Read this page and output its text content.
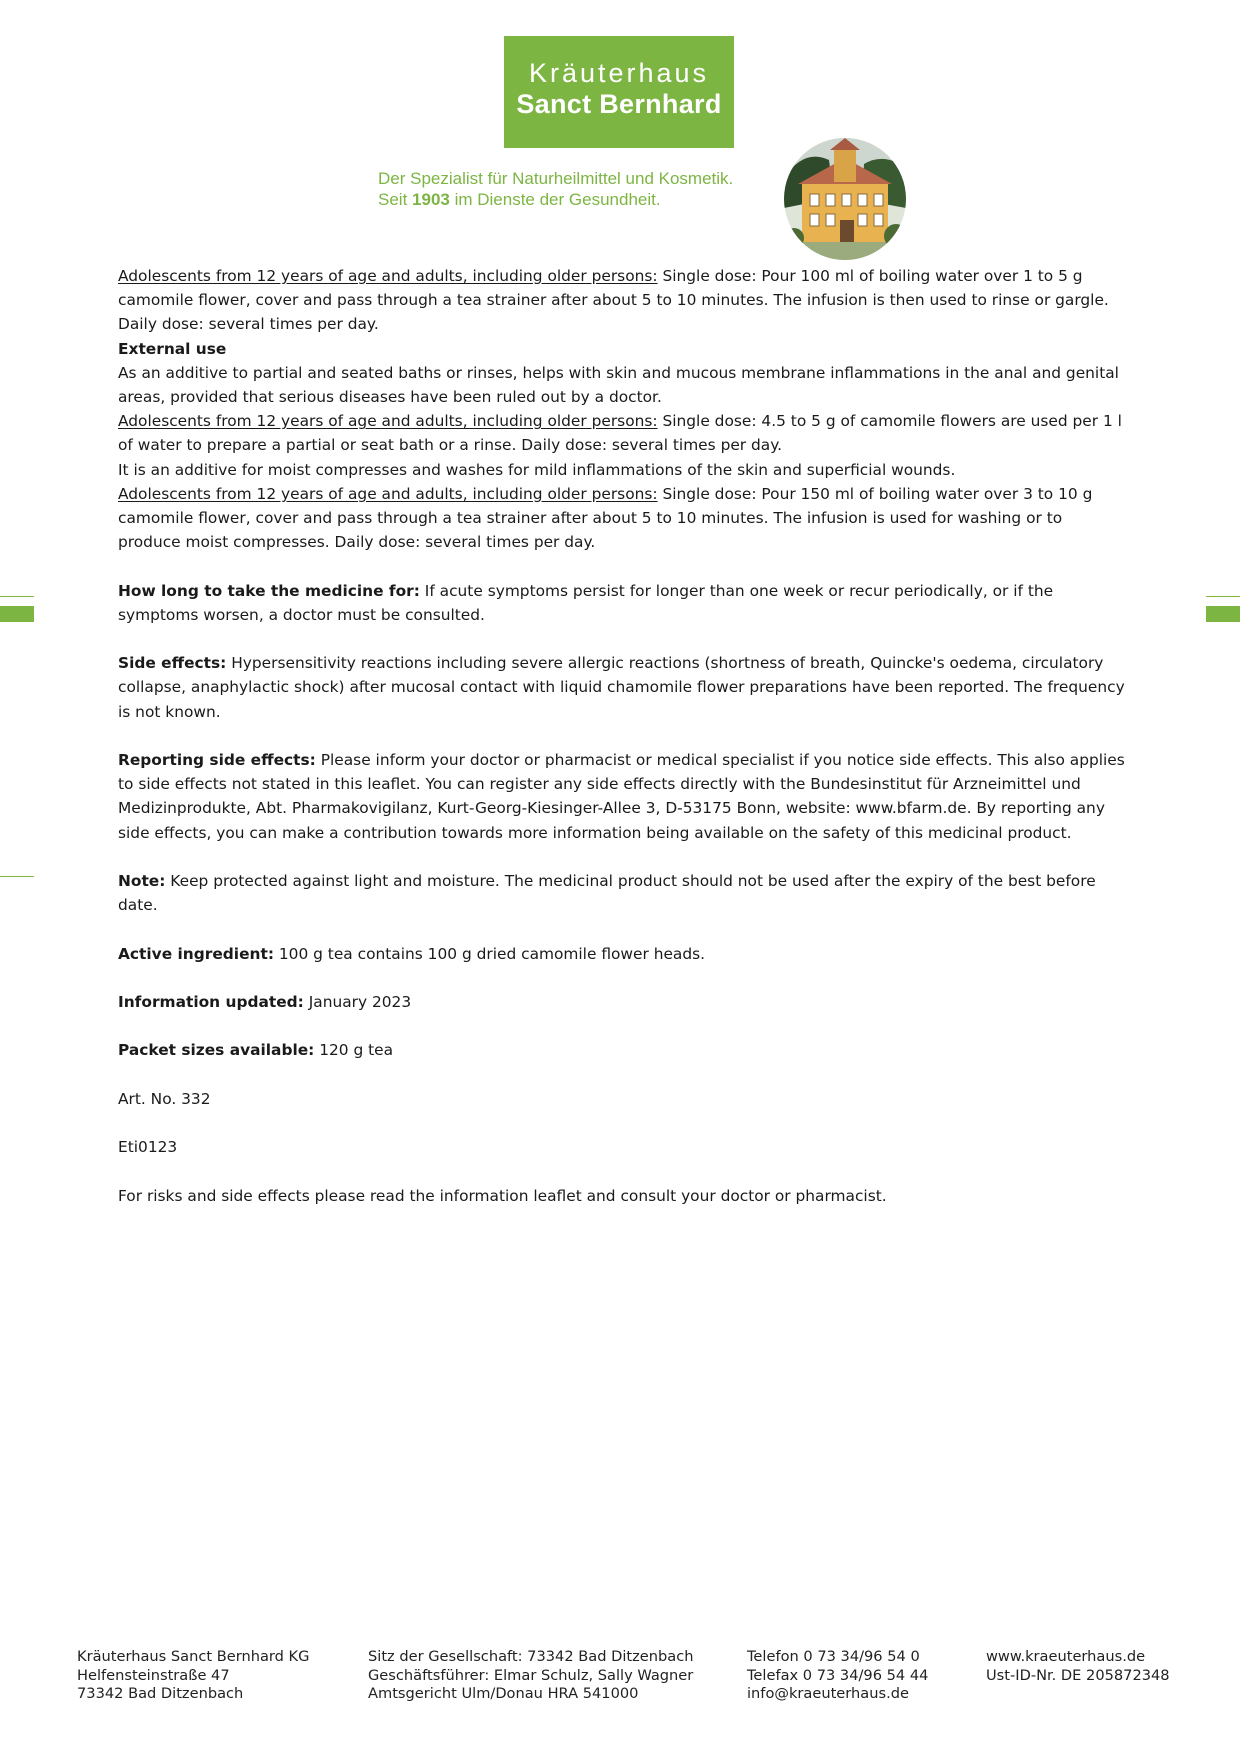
Kräuterhaus
Sanct Bernhard
Der Spezialist für Naturheilmittel und Kosmetik.
Seit 1903 im Dienste der Gesundheit.

Adolescents from 12 years of age and adults, including older persons: Single dose: Pour 100 ml of boiling water over 1 to 5 g camomile flower, cover and pass through a tea strainer after about 5 to 10 minutes. The infusion is then used to rinse or gargle. Daily dose: several times per day.

External use

As an additive to partial and seated baths or rinses, helps with skin and mucous membrane inflammations in the anal and genital areas, provided that serious diseases have been ruled out by a doctor.

Adolescents from 12 years of age and adults, including older persons: Single dose: 4.5 to 5 g of camomile flowers are used per 1 l of water to prepare a partial or seat bath or a rinse. Daily dose: several times per day.

It is an additive for moist compresses and washes for mild inflammations of the skin and superficial wounds.

Adolescents from 12 years of age and adults, including older persons: Single dose: Pour 150 ml of boiling water over 3 to 10 g camomile flower, cover and pass through a tea strainer after about 5 to 10 minutes. The infusion is used for washing or to produce moist compresses. Daily dose: several times per day.

How long to take the medicine for: If acute symptoms persist for longer than one week or recur periodically, or if the symptoms worsen, a doctor must be consulted.

Side effects: Hypersensitivity reactions including severe allergic reactions (shortness of breath, Quincke's oedema, circulatory collapse, anaphylactic shock) after mucosal contact with liquid chamomile flower preparations have been reported. The frequency is not known.

Reporting side effects: Please inform your doctor or pharmacist or medical specialist if you notice side effects. This also applies to side effects not stated in this leaflet. You can register any side effects directly with the Bundesinstitut für Arzneimittel und Medizinprodukte, Abt. Pharmakovigilanz, Kurt-Georg-Kiesinger-Allee 3, D-53175 Bonn, website: www.bfarm.de. By reporting any side effects, you can make a contribution towards more information being available on the safety of this medicinal product.

Note: Keep protected against light and moisture. The medicinal product should not be used after the expiry of the best before date.

Active ingredient: 100 g tea contains 100 g dried camomile flower heads.

Information updated: January 2023

Packet sizes available: 120 g tea

Art. No. 332

Eti0123

For risks and side effects please read the information leaflet and consult your doctor or pharmacist.

Kräuterhaus Sanct Bernhard KG
Helfensteinstraße 47
73342 Bad Ditzenbach
Sitz der Gesellschaft: 73342 Bad Ditzenbach
Geschäftsführer: Elmar Schulz, Sally Wagner
Amtsgericht Ulm/Donau HRA 541000
Telefon 0 73 34/96 54 0
Telefax 0 73 34/96 54 44
info@kraeuterhaus.de
www.kraeuterhaus.de
Ust-ID-Nr. DE 205872348
